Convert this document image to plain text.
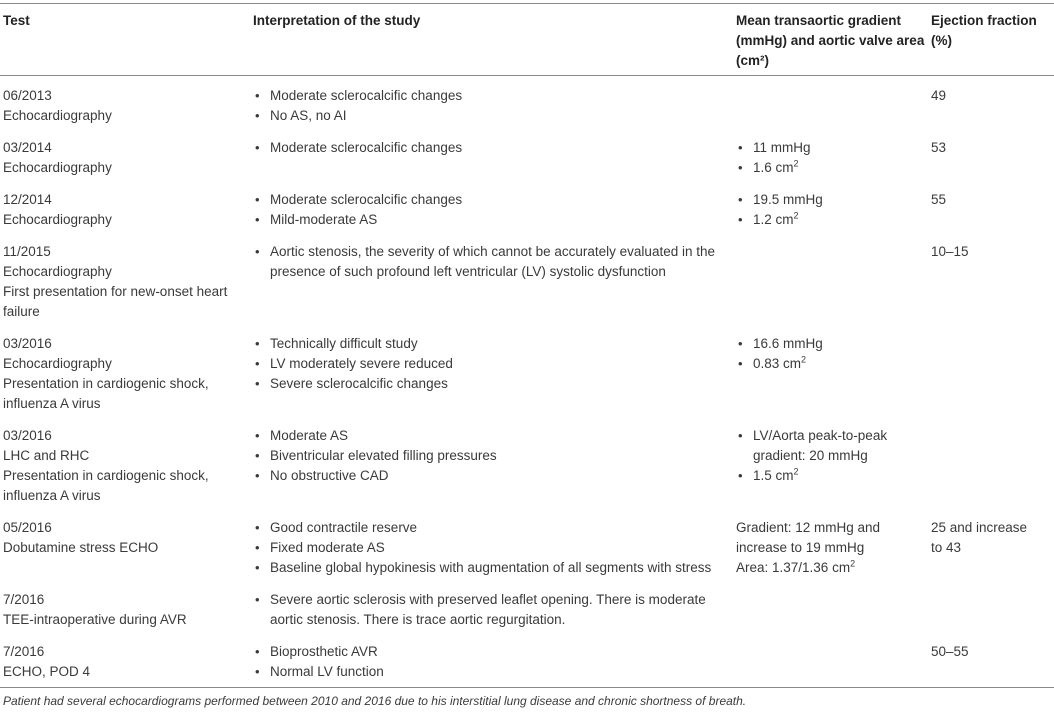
Test	Interpretation of the study	Mean transaortic gradient (mmHg) and aortic valve area (cm²)
Ejection fraction (%)
06/2013
Echocardiography
• Moderate sclerocalcific changes
• No AS, no AI
49
03/2014
Echocardiography
• Moderate sclerocalcific changes
•	11 mmHg
• 1.6 $cm^2$
53
12/2014
Echocardiography
• Moderate sclerocalcific changes
• Mild-moderate AS
• 19.5 mmHg
• 1.2 $cm^2$
55
11/2015
Echocardiography
First presentation for new-onset heart
failure
• Aortic stenosis, the severity of which cannot be accurately evaluated in the presence of such profound left ventricular (LV) systolic dysfunction
10–15
03/2016
Echocardiography
Presentation in cardiogenic shock,
influenza A virus
• Technically difficult study
• LV moderately severe reduced
• Severe sclerocalcific changes
• 16.6 mmHg
• 0.83 $cm^2$
03/2016
LHC and RHC
Presentation in cardiogenic shock,
influenza A virus
• Moderate AS
• Biventricular elevated filling pressures
• No obstructive CAD
• LV/Aorta peak-to-peak gradient: 20 mmHg
• 1.5 $cm^2$
05/2016
Dobutamine stress ECHO
• Good contractile reserve
• Fixed moderate AS
• Baseline global hypokinesis with augmentation of all segments with stress
Gradient: 12 mmHg and
increase to 19 mmHg
Area: 1.37/1.36 $cm^2$
25 and increase
to 43
7/2016
TEE-intraoperative during AVR
• Severe aortic sclerosis with preserved leaflet opening. There is moderate aortic stenosis. There is trace aortic regurgitation.
7/2016
ECHO, POD 4
• Bioprosthetic AVR
• Normal LV function
50–55
Patient had several echocardiograms performed between 2010 and 2016 due to his interstitial lung disease and chronic shortness of breath.
